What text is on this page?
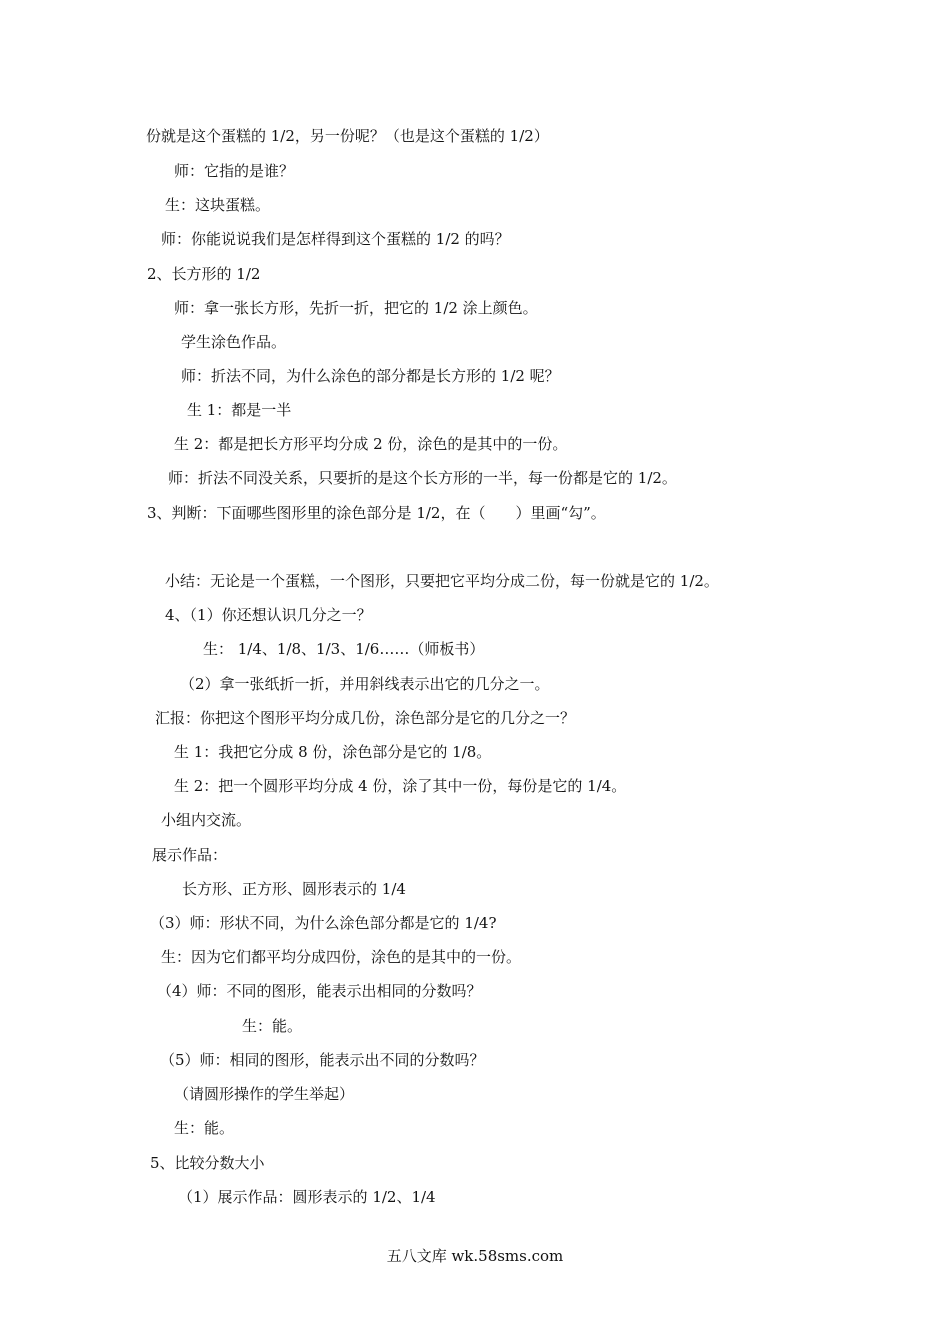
份就是这个蛋糕的 1/2，另一份呢？（也是这个蛋糕的 1/2）
师：它指的是谁？
生：这块蛋糕。
师：你能说说我们是怎样得到这个蛋糕的 1/2 的吗？
2、长方形的 1/2
师：拿一张长方形，先折一折，把它的 1/2 涂上颜色。
学生涂色作品。
师：折法不同，为什么涂色的部分都是长方形的 1/2 呢？
生 1：都是一半
生 2：都是把长方形平均分成 2 份，涂色的是其中的一份。
师：折法不同没关系，只要折的是这个长方形的一半，每一份都是它的 1/2。
3、判断：下面哪些图形里的涂色部分是 1/2，在（　　）里画“勾”。
小结：无论是一个蛋糕，一个图形，只要把它平均分成二份，每一份就是它的 1/2。
4、（1）你还想认识几分之一？
生： 1/4、1/8、1/3、1/6……（师板书）
（2）拿一张纸折一折，并用斜线表示出它的几分之一。
汇报：你把这个图形平均分成几份，涂色部分是它的几分之一？
生 1：我把它分成 8 份，涂色部分是它的 1/8。
生 2：把一个圆形平均分成 4 份，涂了其中一份，每份是它的 1/4。
小组内交流。
展示作品：
长方形、正方形、圆形表示的 1/4
（3）师：形状不同，为什么涂色部分都是它的 1/4?
生：因为它们都平均分成四份，涂色的是其中的一份。
（4）师：不同的图形，能表示出相同的分数吗？
生：能。
（5）师：相同的图形，能表示出不同的分数吗？
（请圆形操作的学生举起）
生：能。
5、比较分数大小
（1）展示作品：圆形表示的 1/2、1/4
五八文库 wk.58sms.com
